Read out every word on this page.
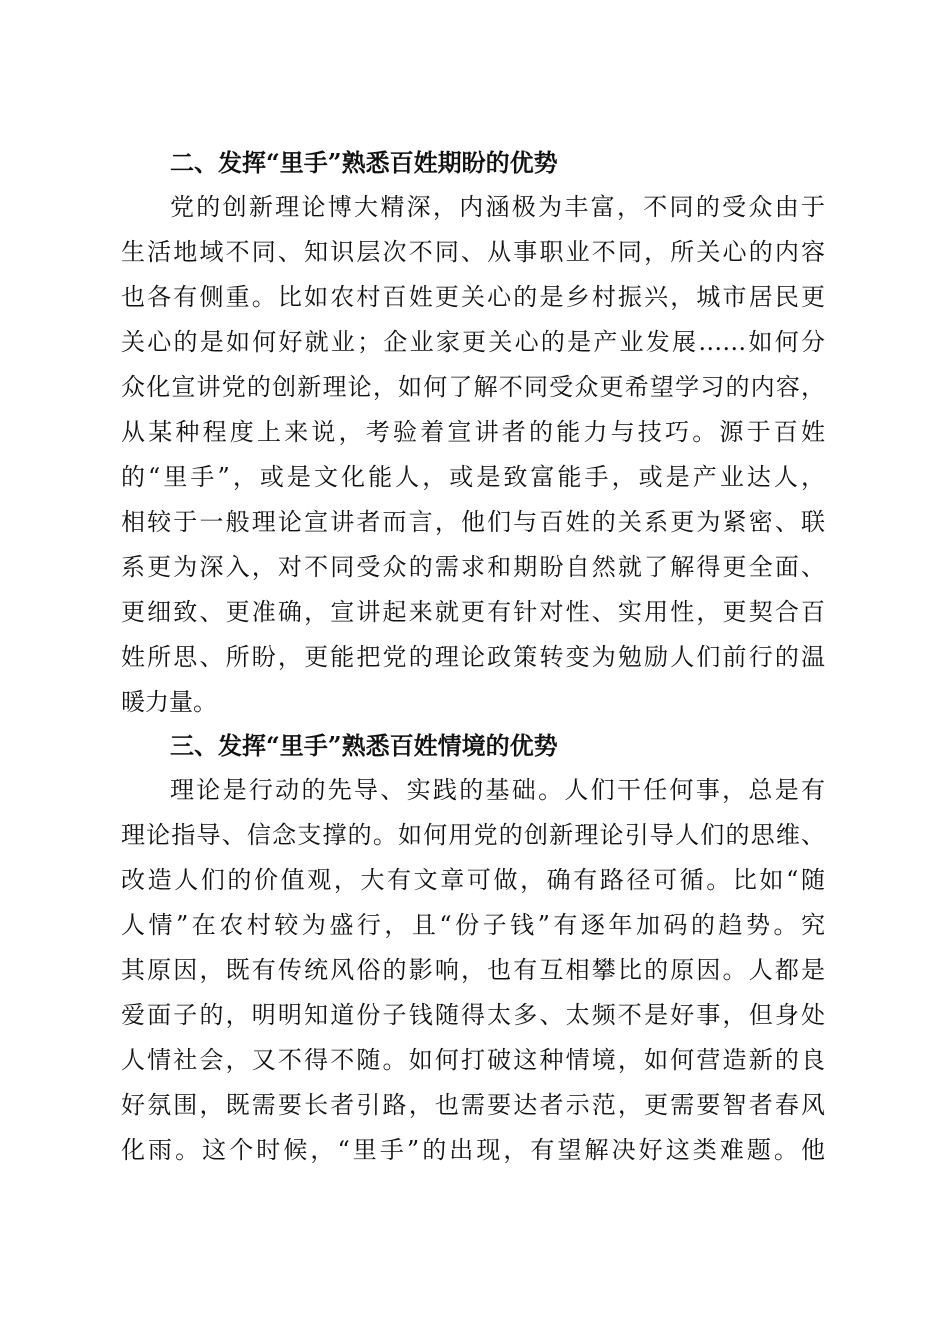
二、发挥“里手”熟悉百姓期盼的优势
党的创新理论博大精深，内涵极为丰富，不同的受众由于
生活地域不同、知识层次不同、从事职业不同，所关心的内容
也各有侧重。比如农村百姓更关心的是乡村振兴，城市居民更
关心的是如何好就业；企业家更关心的是产业发展……如何分
众化宣讲党的创新理论，如何了解不同受众更希望学习的内容，
从某种程度上来说，考验着宣讲者的能力与技巧。源于百姓
的“里手”，或是文化能人，或是致富能手，或是产业达人，
相较于一般理论宣讲者而言，他们与百姓的关系更为紧密、联
系更为深入，对不同受众的需求和期盼自然就了解得更全面、
更细致、更准确，宣讲起来就更有针对性、实用性，更契合百
姓所思、所盼，更能把党的理论政策转变为勉励人们前行的温
暖力量。
三、发挥“里手”熟悉百姓情境的优势
理论是行动的先导、实践的基础。人们干任何事，总是有
理论指导、信念支撑的。如何用党的创新理论引导人们的思维、
改造人们的价值观，大有文章可做，确有路径可循。比如“随
人情”在农村较为盛行，且“份子钱”有逐年加码的趋势。究
其原因，既有传统风俗的影响，也有互相攀比的原因。人都是
爱面子的，明明知道份子钱随得太多、太频不是好事，但身处
人情社会，又不得不随。如何打破这种情境，如何营造新的良
好氛围，既需要长者引路，也需要达者示范，更需要智者春风
化雨。这个时候，“里手”的出现，有望解决好这类难题。他
